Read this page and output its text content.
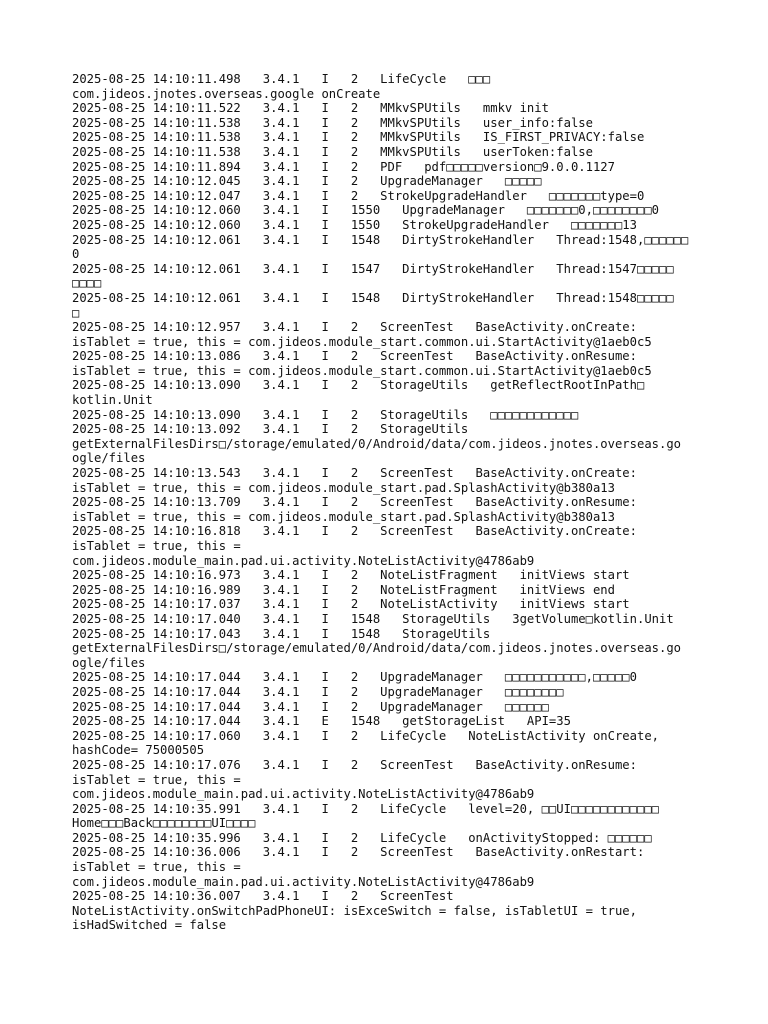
2025-08-25 14:10:11.498   3.4.1   I   2   LifeCycle   □□□
com.jideos.jnotes.overseas.google onCreate
2025-08-25 14:10:11.522   3.4.1   I   2   MMkvSPUtils   mmkv init
2025-08-25 14:10:11.538   3.4.1   I   2   MMkvSPUtils   user_info:false
2025-08-25 14:10:11.538   3.4.1   I   2   MMkvSPUtils   IS_FIRST_PRIVACY:false
2025-08-25 14:10:11.538   3.4.1   I   2   MMkvSPUtils   userToken:false
2025-08-25 14:10:11.894   3.4.1   I   2   PDF   pdf□□□□□version□9.0.0.1127
2025-08-25 14:10:12.045   3.4.1   I   2   UpgradeManager   □□□□□
2025-08-25 14:10:12.047   3.4.1   I   2   StrokeUpgradeHandler   □□□□□□□type=0
2025-08-25 14:10:12.060   3.4.1   I   1550   UpgradeManager   □□□□□□□0,□□□□□□□□0
2025-08-25 14:10:12.060   3.4.1   I   1550   StrokeUpgradeHandler   □□□□□□□13
2025-08-25 14:10:12.061   3.4.1   I   1548   DirtyStrokeHandler   Thread:1548,□□□□□□
0
2025-08-25 14:10:12.061   3.4.1   I   1547   DirtyStrokeHandler   Thread:1547□□□□□
□□□□
2025-08-25 14:10:12.061   3.4.1   I   1548   DirtyStrokeHandler   Thread:1548□□□□□
□
2025-08-25 14:10:12.957   3.4.1   I   2   ScreenTest   BaseActivity.onCreate:
isTablet = true, this = com.jideos.module_start.common.ui.StartActivity@1aeb0c5
2025-08-25 14:10:13.086   3.4.1   I   2   ScreenTest   BaseActivity.onResume:
isTablet = true, this = com.jideos.module_start.common.ui.StartActivity@1aeb0c5
2025-08-25 14:10:13.090   3.4.1   I   2   StorageUtils   getReflectRootInPath□
kotlin.Unit
2025-08-25 14:10:13.090   3.4.1   I   2   StorageUtils   □□□□□□□□□□□□
2025-08-25 14:10:13.092   3.4.1   I   2   StorageUtils
getExternalFilesDirs□/storage/emulated/0/Android/data/com.jideos.jnotes.overseas.go
ogle/files
2025-08-25 14:10:13.543   3.4.1   I   2   ScreenTest   BaseActivity.onCreate:
isTablet = true, this = com.jideos.module_start.pad.SplashActivity@b380a13
2025-08-25 14:10:13.709   3.4.1   I   2   ScreenTest   BaseActivity.onResume:
isTablet = true, this = com.jideos.module_start.pad.SplashActivity@b380a13
2025-08-25 14:10:16.818   3.4.1   I   2   ScreenTest   BaseActivity.onCreate:
isTablet = true, this =
com.jideos.module_main.pad.ui.activity.NoteListActivity@4786ab9
2025-08-25 14:10:16.973   3.4.1   I   2   NoteListFragment   initViews start
2025-08-25 14:10:16.989   3.4.1   I   2   NoteListFragment   initViews end
2025-08-25 14:10:17.037   3.4.1   I   2   NoteListActivity   initViews start
2025-08-25 14:10:17.040   3.4.1   I   1548   StorageUtils   3getVolume□kotlin.Unit
2025-08-25 14:10:17.043   3.4.1   I   1548   StorageUtils
getExternalFilesDirs□/storage/emulated/0/Android/data/com.jideos.jnotes.overseas.go
ogle/files
2025-08-25 14:10:17.044   3.4.1   I   2   UpgradeManager   □□□□□□□□□□□,□□□□□0
2025-08-25 14:10:17.044   3.4.1   I   2   UpgradeManager   □□□□□□□□
2025-08-25 14:10:17.044   3.4.1   I   2   UpgradeManager   □□□□□□
2025-08-25 14:10:17.044   3.4.1   E   1548   getStorageList   API=35
2025-08-25 14:10:17.060   3.4.1   I   2   LifeCycle   NoteListActivity onCreate,
hashCode= 75000505
2025-08-25 14:10:17.076   3.4.1   I   2   ScreenTest   BaseActivity.onResume:
isTablet = true, this =
com.jideos.module_main.pad.ui.activity.NoteListActivity@4786ab9
2025-08-25 14:10:35.991   3.4.1   I   2   LifeCycle   level=20, □□UI□□□□□□□□□□□□
Home□□□Back□□□□□□□□UI□□□□
2025-08-25 14:10:35.996   3.4.1   I   2   LifeCycle   onActivityStopped: □□□□□□
2025-08-25 14:10:36.006   3.4.1   I   2   ScreenTest   BaseActivity.onRestart:
isTablet = true, this =
com.jideos.module_main.pad.ui.activity.NoteListActivity@4786ab9
2025-08-25 14:10:36.007   3.4.1   I   2   ScreenTest
NoteListActivity.onSwitchPadPhoneUI: isExceSwitch = false, isTabletUI = true,
isHadSwitched = false
